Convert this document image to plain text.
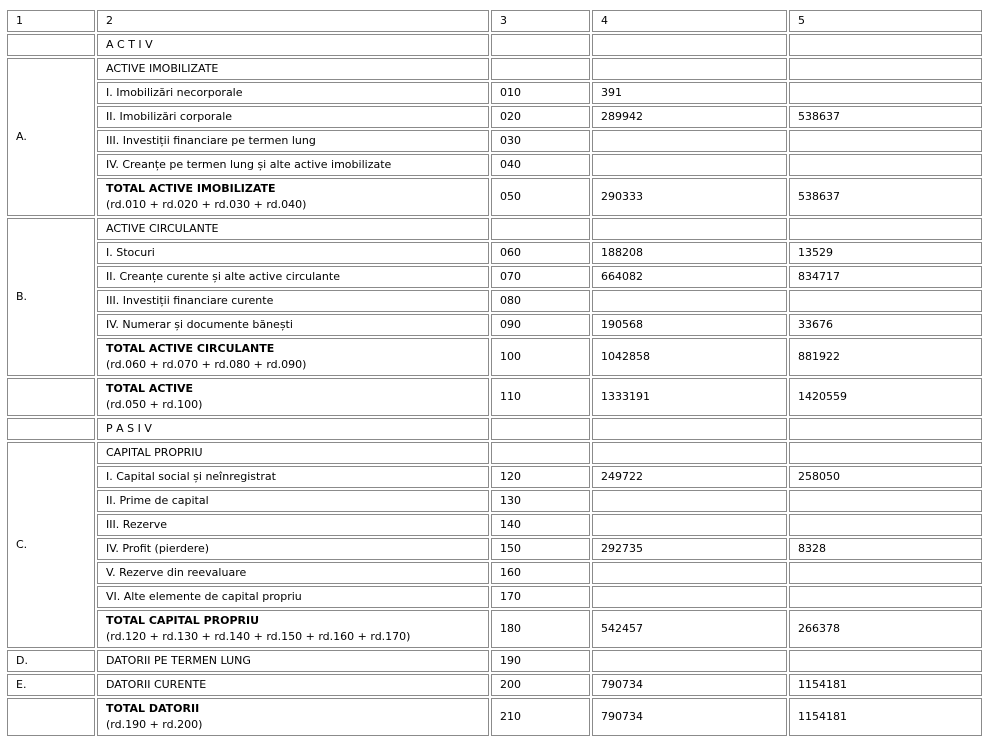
1	2	3	4	5
	A C T I V			
A.	ACTIVE IMOBILIZATE			
	I. Imobilizări necorporale	010	391	
	II. Imobilizări corporale	020	289942	538637
	III. Investiții financiare pe termen lung	030		
	IV. Creanțe pe termen lung și alte active imobilizate	040		

	TOTAL ACTIVE IMOBILIZATE
(rd.010 + rd.020 + rd.030 + rd.040)	050	290333	538637
B.	ACTIVE CIRCULANTE			
	I. Stocuri	060	188208	13529
	II. Creanțe curente și alte active circulante	070	664082	834717
	III. Investiții financiare curente	080		
	IV. Numerar și documente bănești	090	190568	33676

	TOTAL ACTIVE CIRCULANTE
(rd.060 + rd.070 + rd.080 + rd.090)	100	1042858	881922

	TOTAL ACTIVE
(rd.050 + rd.100)	110	1333191	1420559
	P A S I V			
C.	CAPITAL PROPRIU			
	I. Capital social și neînregistrat	120	249722	258050
	II. Prime de capital	130		
	III. Rezerve	140		
	IV. Profit (pierdere)	150	292735	8328
	V. Rezerve din reevaluare	160		
	VI. Alte elemente de capital propriu	170		

	TOTAL CAPITAL PROPRIU
(rd.120 + rd.130 + rd.140 + rd.150 + rd.160 + rd.170)	180	542457	266378
D.	DATORII PE TERMEN LUNG	190		
E.	DATORII CURENTE	200	790734	1154181

	TOTAL DATORII
(rd.190 + rd.200)	210	790734	1154181
